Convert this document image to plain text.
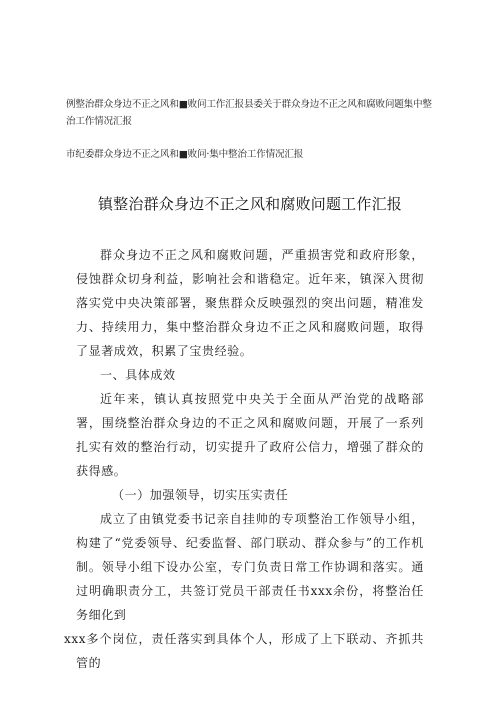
例整治群众身边不正之风和■败问工作汇报县委关于群众身边不正之风和腐败问题集中整治工作情况汇报
市纪委群众身边不正之风和■败问·集中整治工作情况汇报
镇整治群众身边不正之风和腐败问题工作汇报

群众身边不正之风和腐败问题，严重损害党和政府形象，侵蚀群众切身利益，影响社会和谐稳定。近年来，镇深入贯彻落实党中央决策部署，聚焦群众反映强烈的突出问题，精准发力、持续用力，集中整治群众身边不正之风和腐败问题，取得了显著成效，积累了宝贵经验。

一、具体成效

近年来，镇认真按照党中央关于全面从严治党的战略部署，围绕整治群众身边的不正之风和腐败问题，开展了一系列扎实有效的整治行动，切实提升了政府公信力，增强了群众的获得感。

（一）加强领导，切实压实责任

成立了由镇党委书记亲自挂帅的专项整治工作领导小组，构建了“党委领导、纪委监督、部门联动、群众参与”的工作机制。领导小组下设办公室，专门负责日常工作协调和落实。通过明确职责分工，共签订党员干部责任书xxx余份，将整治任务细化到

xxx多个岗位，责任落实到具体个人，形成了上下联动、齐抓共管的
